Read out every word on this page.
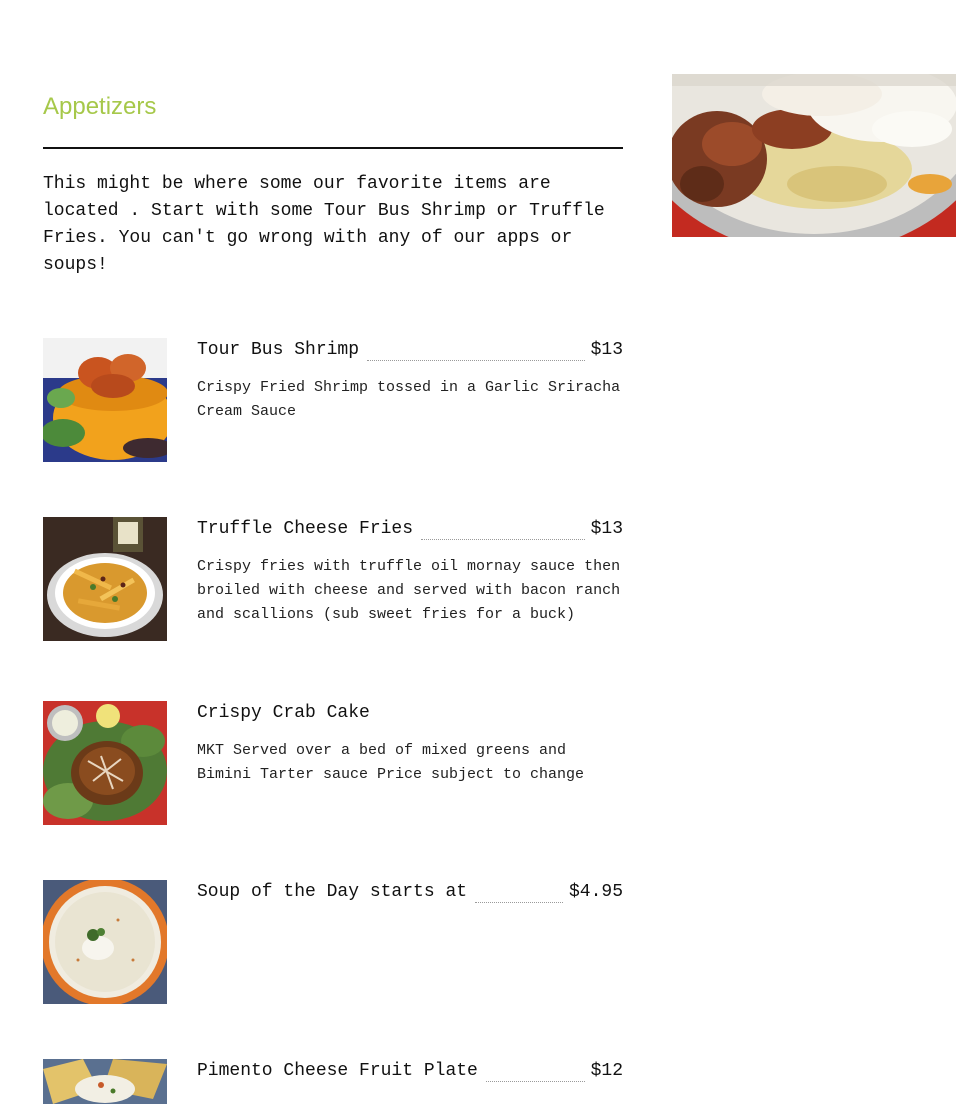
Appetizers

This might be where some our favorite items are located . Start with some Tour Bus Shrimp or Truffle Fries. You can't go wrong with any of our apps or soups!

Tour Bus Shrimp	$13

Crispy Fried Shrimp tossed in a Garlic Sriracha Cream Sauce

Truffle Cheese Fries	$13

Crispy fries with truffle oil mornay sauce then broiled with cheese and served with bacon ranch and scallions (sub sweet fries for a buck)

Crispy Crab Cake

MKT Served over a bed of mixed greens and Bimini Tarter sauce Price subject to change

Soup of the Day starts at	$4.95
Pimento Cheese Fruit Plate	$12
